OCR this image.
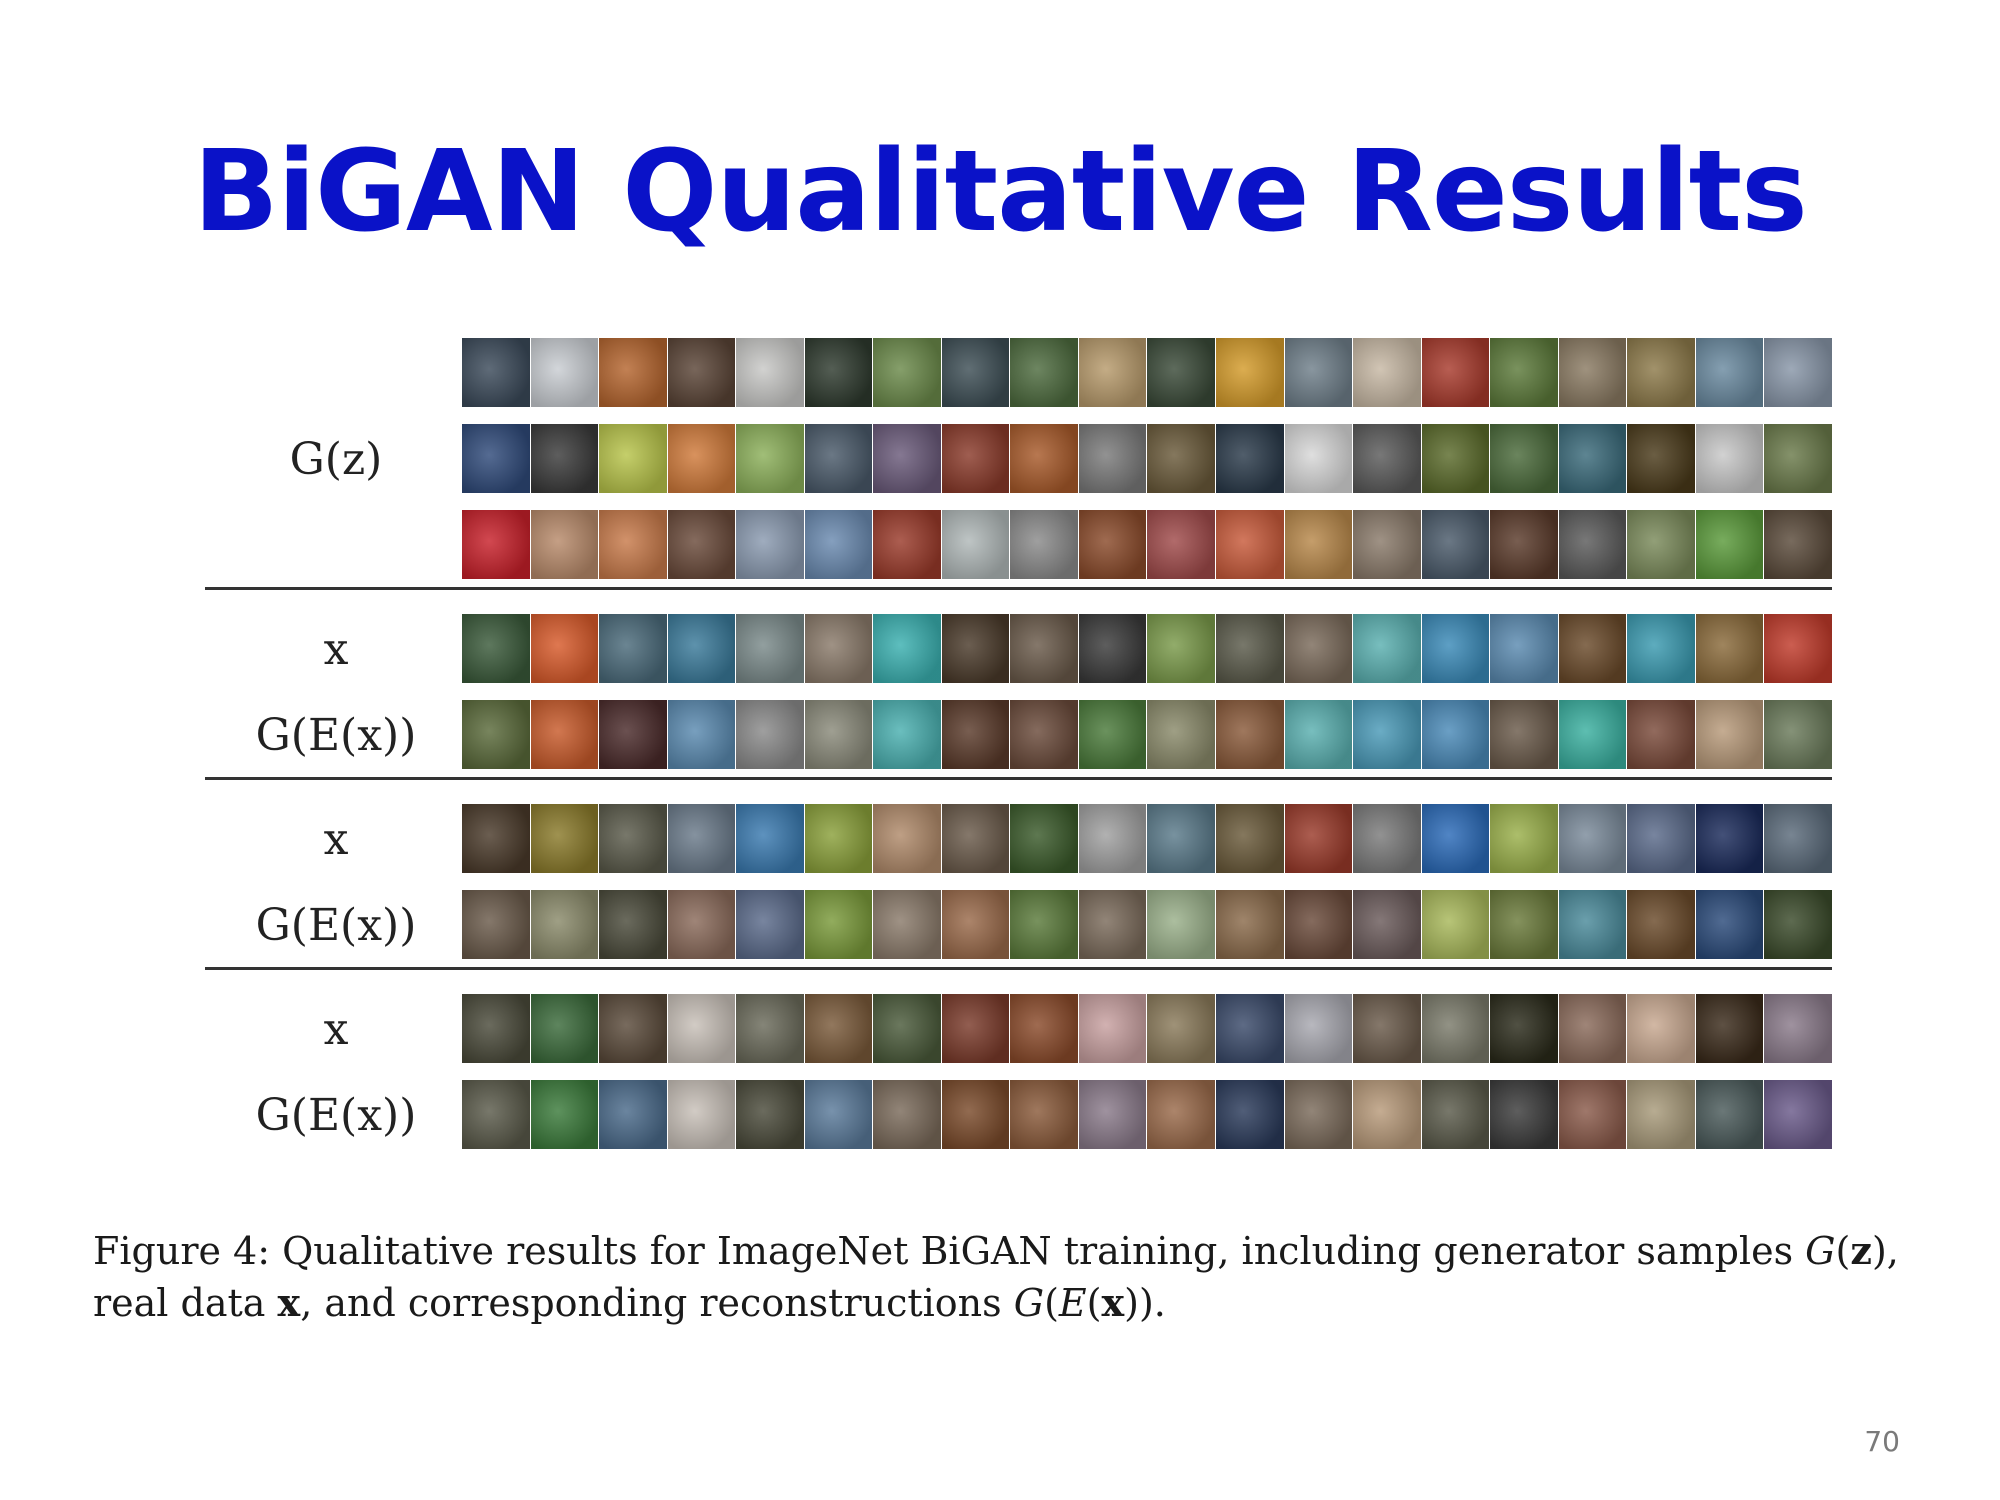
BiGAN Qualitative Results
G(z)
x
G(E(x))
x
G(E(x))
x
G(E(x))
Figure 4: Qualitative results for ImageNet BiGAN training, including generator samples G(z), real data x, and corresponding reconstructions G(E(x)).
70
